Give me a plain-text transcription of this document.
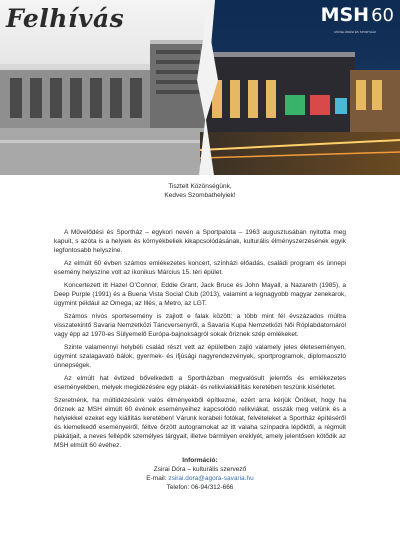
Felhívás	MSH 60
MŰVELŐDÉSI ÉS SPORTHÁZ

Tisztelt Közönségünk,

Kedves Szombathelyiek!

A Művelődési és Sportház – egykori nevén a Sportpalota – 1963 augusztusában nyitotta meg kapuit, s azóta is a helyiek és környékbeliek kikapcsolódásának, kulturális élményszerzésének egyik legfontosabb helyszíne.

Az elmúlt 60 évben számos emlékezetes koncert, színházi előadás, családi program és ünnepi esemény helyszíne volt az ikonikus Március 15. téri épület.

Koncertezett itt Hazel O’Connor, Eddie Grant, Jack Bruce és John Mayall, a Nazareth (1985), a Deep Purple (1991) és a Buena Vista Social Club (2013), valamint a legnagyobb magyar zenekarok, úgymint például az Omega, az Illés, a Metro, az LGT.

Számos nívós sporteseménу is zajlott e falak között: a több mint fél évszázados múltra visszatekintő Savaria Nemzetközi Táncversenyről, a Savaria Kupa Nemzetközi Női Röplabdatornáról vagy épp az 1970-es Sülyemelő Európa-bajnokságról sokak őriznek szép emlékeket.

Szinte valamennyi helybéli család részt vett az épületben zajló valamely jeles életeseményen, úgymint szalagavató bálok, gyermek- és ifjúsági nagyrendezvények, sportprogramok, diplomaosztó ünnepségek.

Az elmúlt hat évtized bővelkedett a Sportházban megvalósult jelentős és emlékezetes eseményekben, melyek megidézésére egy plakát- és relikviakiállítás keretében teszünk kísérletet.

Szeretnénk, ha múltidézésünk valós élményekből építkezne, ezért arra kérjük Önöket, hogy ha őriznek az MSH elmúlt 60 évének eseményeihez kapcsolódó relikviákat, osszák meg velünk és a helyiekkel ezeket egy kiállítás keretében! Várunk korabeli fotókat, felvételeket a Sportház építéséről és kiemelkedő eseményeiről, féltve őrzött autogramokat az itt valaha színpadra lépőktől, a régmúlt plakátjait, a neves fellépők személyes tárgyait, illetve bármilyen ereklyét, amely jelentősen kötődik az MSH elmúlt 60 évéhez.

Információ:
Zsirai Dóra – kulturális szervező
E-mail: zsirai.dora@agora-savaria.hu
Telefon: 06-94/312-666
